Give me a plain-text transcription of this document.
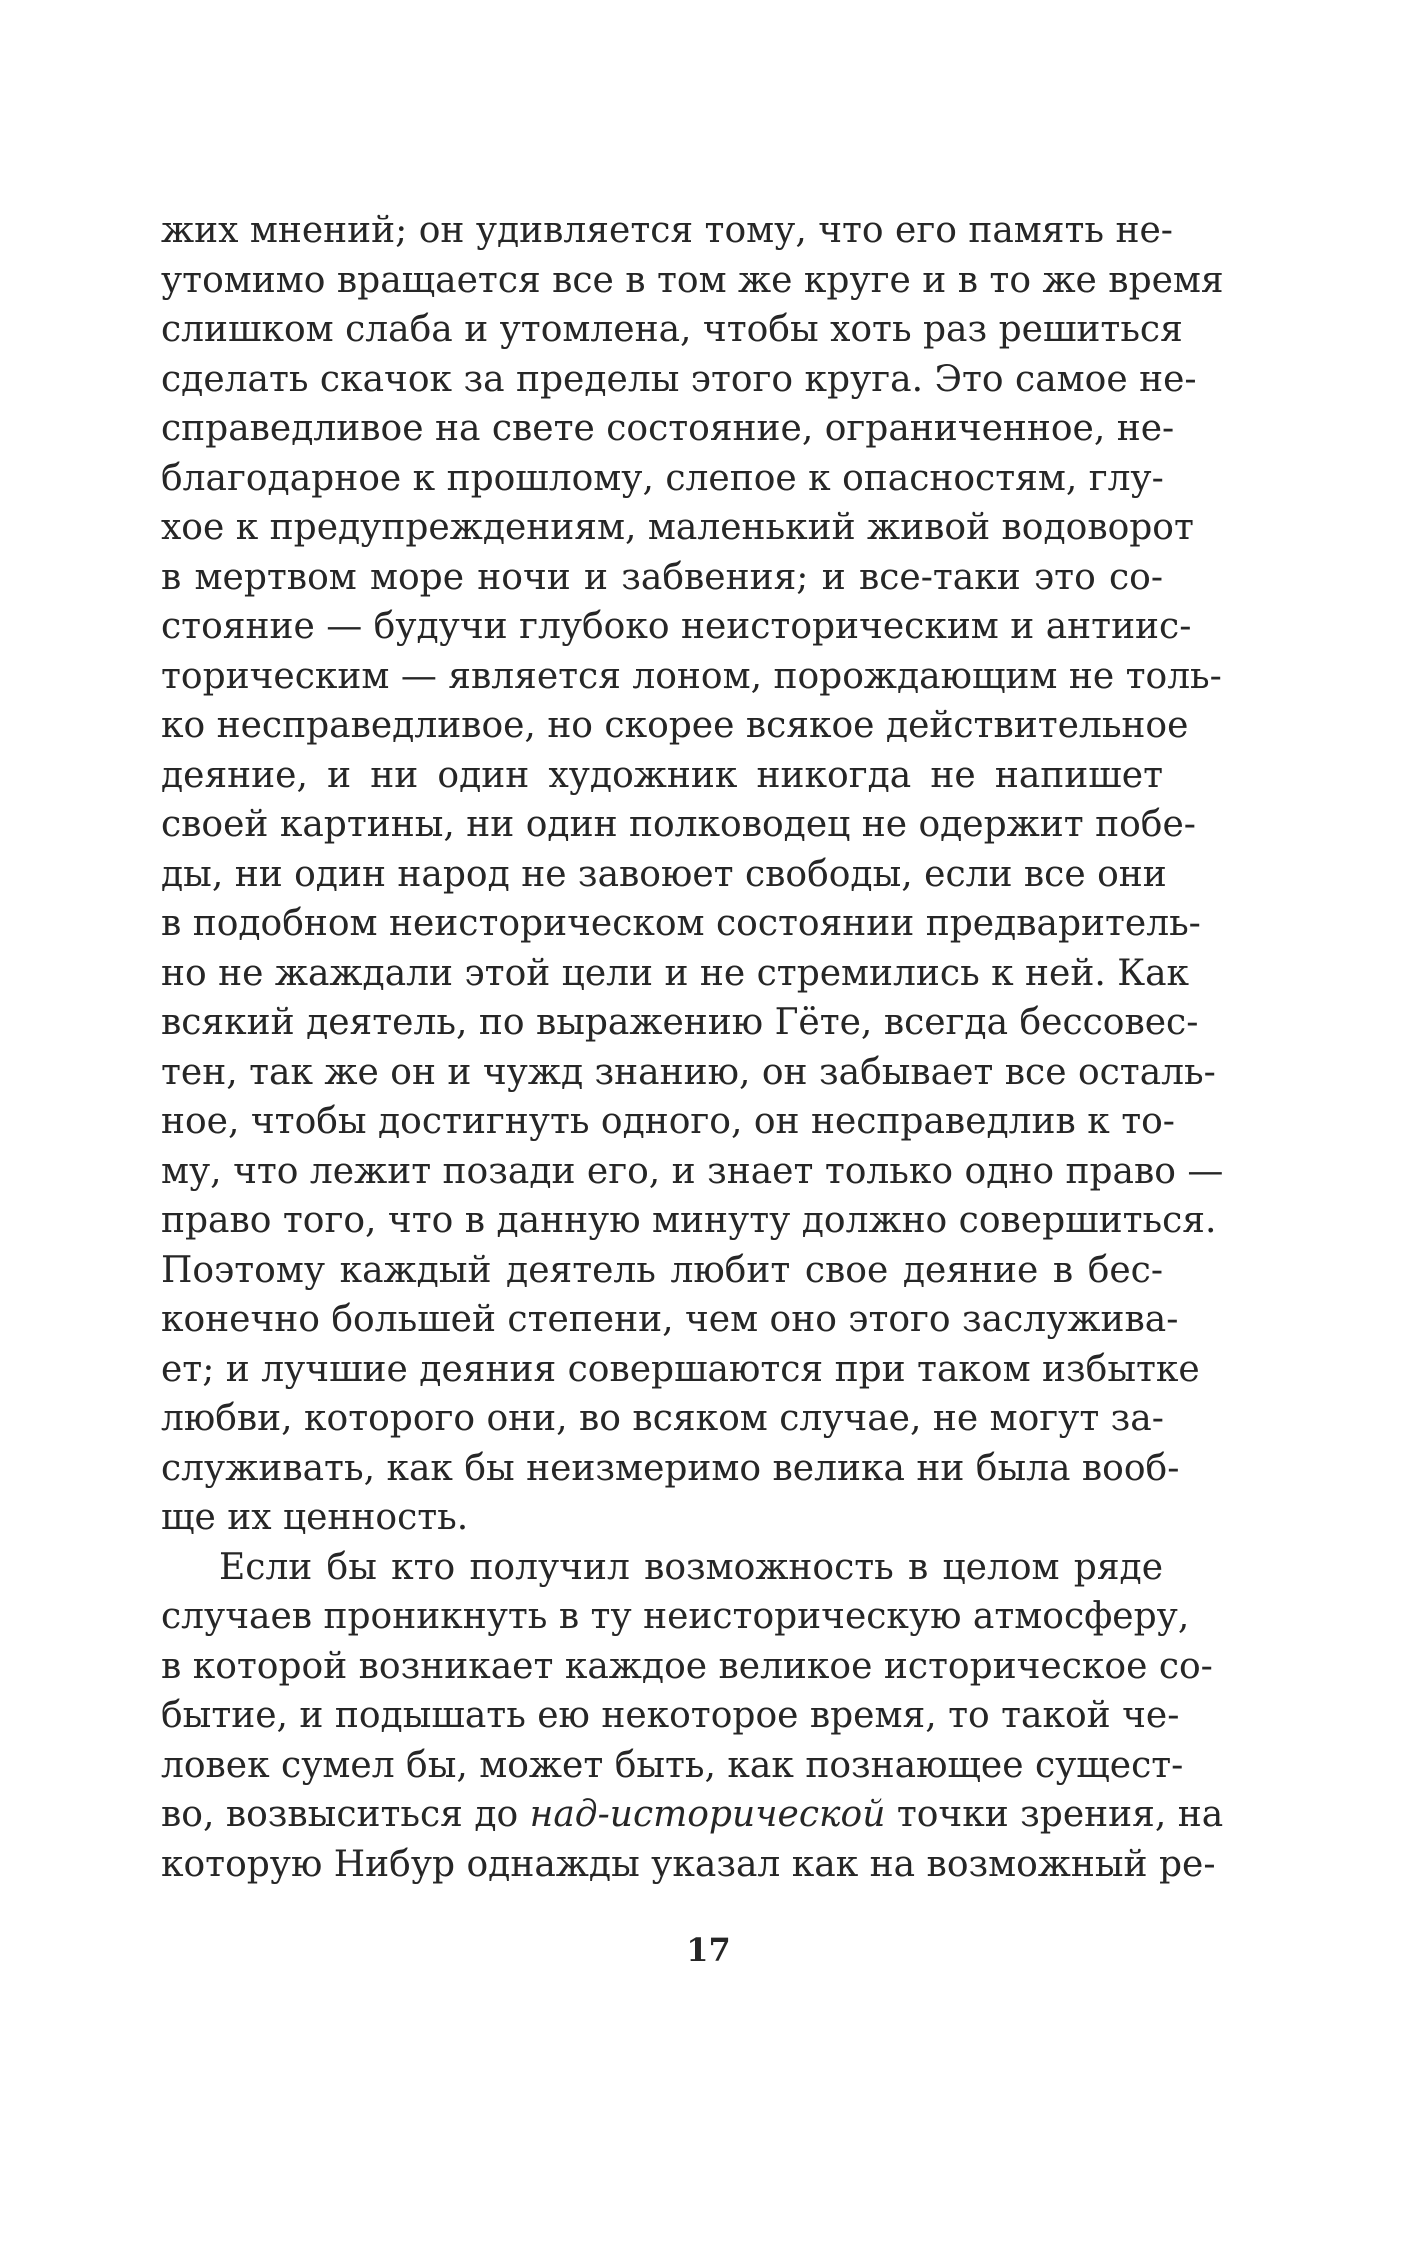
жих мнений; он удивляется тому, что его память не-
утомимо вращается все в том же круге и в то же время
слишком слаба и утомлена, чтобы хоть раз решиться
сделать скачок за пределы этого круга. Это самое не-
справедливое на свете состояние, ограниченное, не-
благодарное к прошлому, слепое к опасностям, глу-
хое к предупреждениям, маленький живой водоворот
в мертвом море ночи и забвения; и все-таки это со-
стояние — будучи глубоко неисторическим и антиис-
торическим — является лоном, порождающим не толь-
ко несправедливое, но скорее всякое действительное
деяние, и ни один художник никогда не напишет
своей картины, ни один полководец не одержит побе-
ды, ни один народ не завоюет свободы, если все они
в подобном неисторическом состоянии предваритель-
но не жаждали этой цели и не стремились к ней. Как
всякий деятель, по выражению Гёте, всегда бессовес-
тен, так же он и чужд знанию, он забывает все осталь-
ное, чтобы достигнуть одного, он несправедлив к то-
му, что лежит позади его, и знает только одно право —
право того, что в данную минуту должно совершиться.
Поэтому каждый деятель любит свое деяние в бес-
конечно большей степени, чем оно этого заслужива-
ет; и лучшие деяния совершаются при таком избытке
любви, которого они, во всяком случае, не могут за-
служивать, как бы неизмеримо велика ни была вооб-
ще их ценность.
Если бы кто получил возможность в целом ряде
случаев проникнуть в ту неисторическую атмосферу,
в которой возникает каждое великое историческое со-
бытие, и подышать ею некоторое время, то такой че-
ловек сумел бы, может быть, как познающее сущест-
во, возвыситься до над-исторической точки зрения, на
которую Нибур однажды указал как на возможный ре-
17
